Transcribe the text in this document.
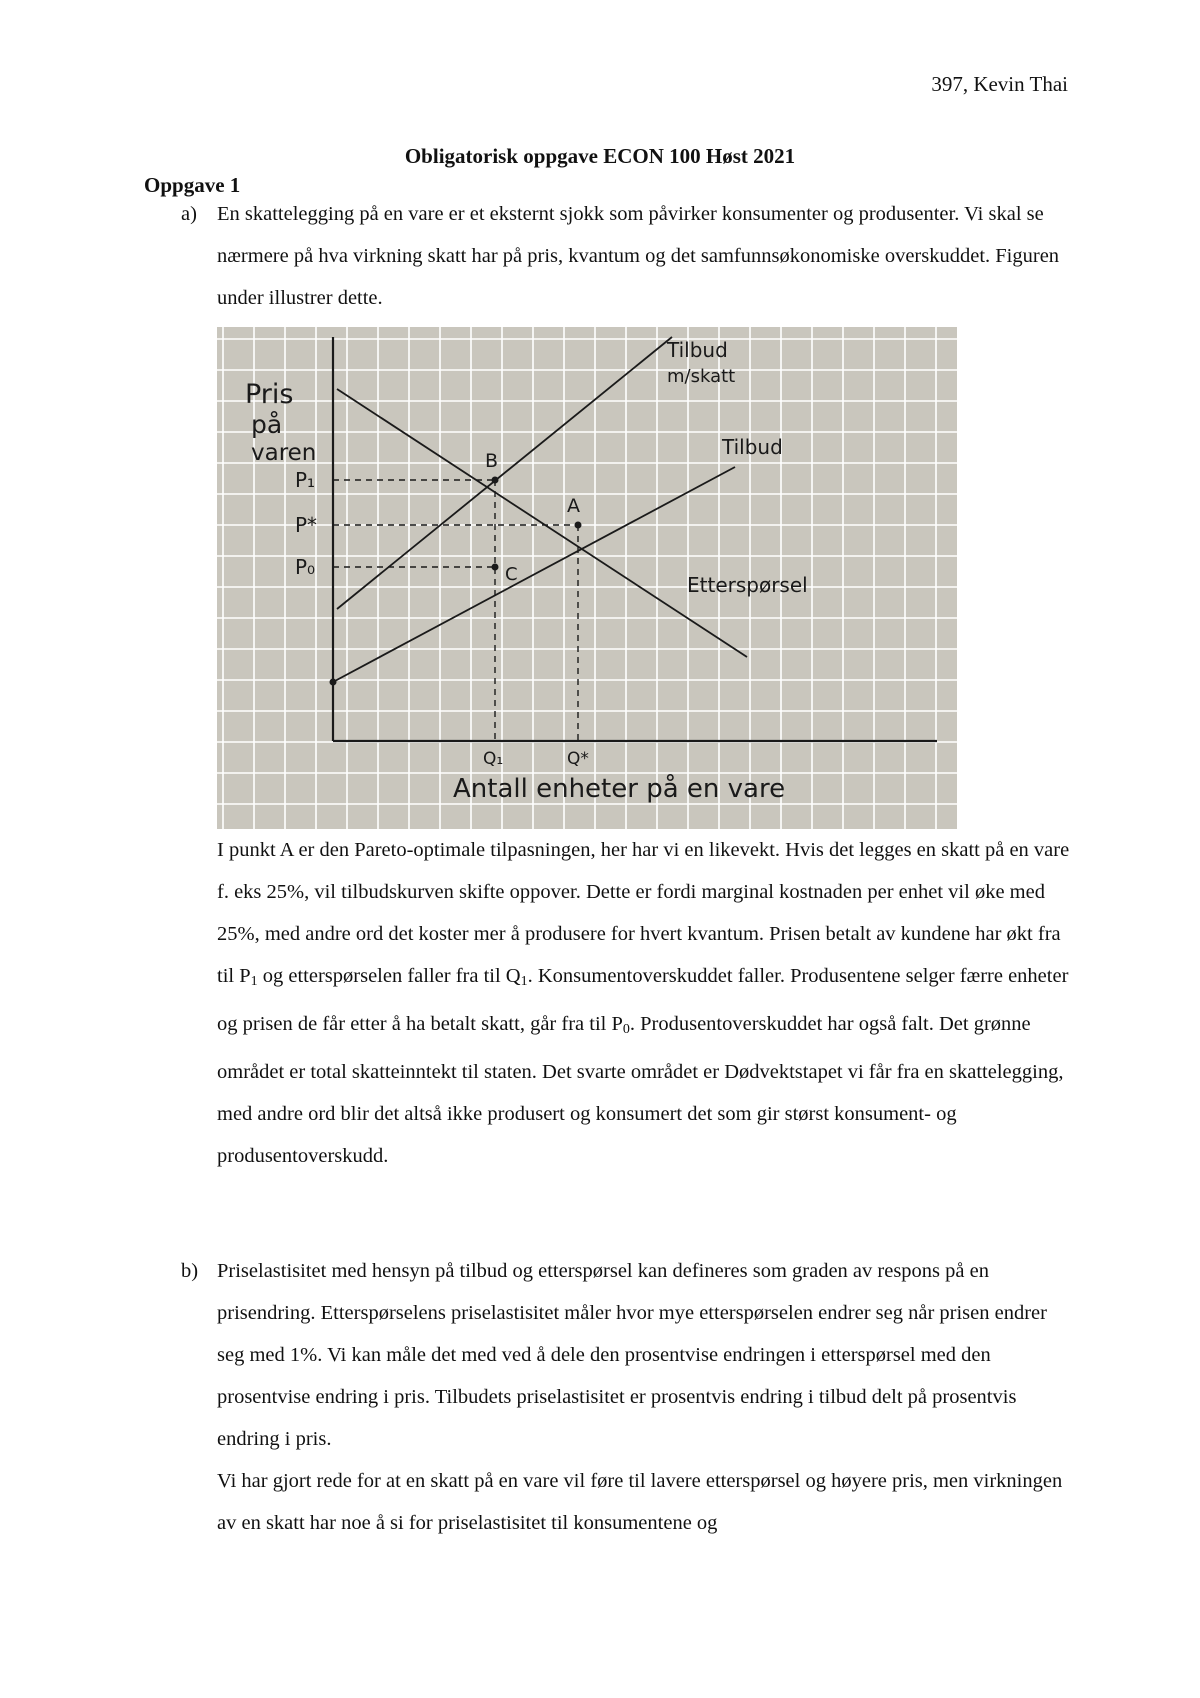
397, Kevin Thai
Obligatorisk oppgave ECON 100 Høst 2021
Oppgave 1
a) En skattelegging på en vare er et eksternt sjokk som påvirker konsumenter og produsenter. Vi skal se nærmere på hva virkning skatt har på pris, kvantum og det samfunnsøkonomiske overskuddet. Figuren under illustrer dette.
Pris
på
varen
P₁
P*
P₀
B
A
C
Q₁	Q*
Antall enheter på en vare
Tilbud
m/skatt
Tilbud
Etterspørsel
I punkt A er den Pareto-optimale tilpasningen, her har vi en likevekt. Hvis det legges en skatt på en vare f. eks 25%, vil tilbudskurven skifte oppover. Dette er fordi marginal kostnaden per enhet vil øke med 25%, med andre ord det koster mer å produsere for hvert kvantum. Prisen betalt av kundene har økt fra til $P_1$ og etterspørselen faller fra til $Q_1$. Konsumentoverskuddet faller. Produsentene selger færre enheter og prisen de får etter å ha betalt skatt, går fra til $P_0$. Produsentoverskuddet har også falt. Det grønne området er total skatteinntekt til staten. Det svarte området er Dødvektstapet vi får fra en skattelegging, med andre ord blir det altså ikke produsert og konsumert det som gir størst konsument- og produsentoverskudd.
b) Priselastisitet med hensyn på tilbud og etterspørsel kan defineres som graden av respons på en prisendring. Etterspørselens priselastisitet måler hvor mye etterspørselen endrer seg når prisen endrer seg med 1%. Vi kan måle det med ved å dele den prosentvise endringen i etterspørsel med den prosentvise endring i pris. Tilbudets priselastisitet er prosentvis endring i tilbud delt på prosentvis endring i pris.
Vi har gjort rede for at en skatt på en vare vil føre til lavere etterspørsel og høyere pris, men virkningen av en skatt har noe å si for priselastisitet til konsumentene og
